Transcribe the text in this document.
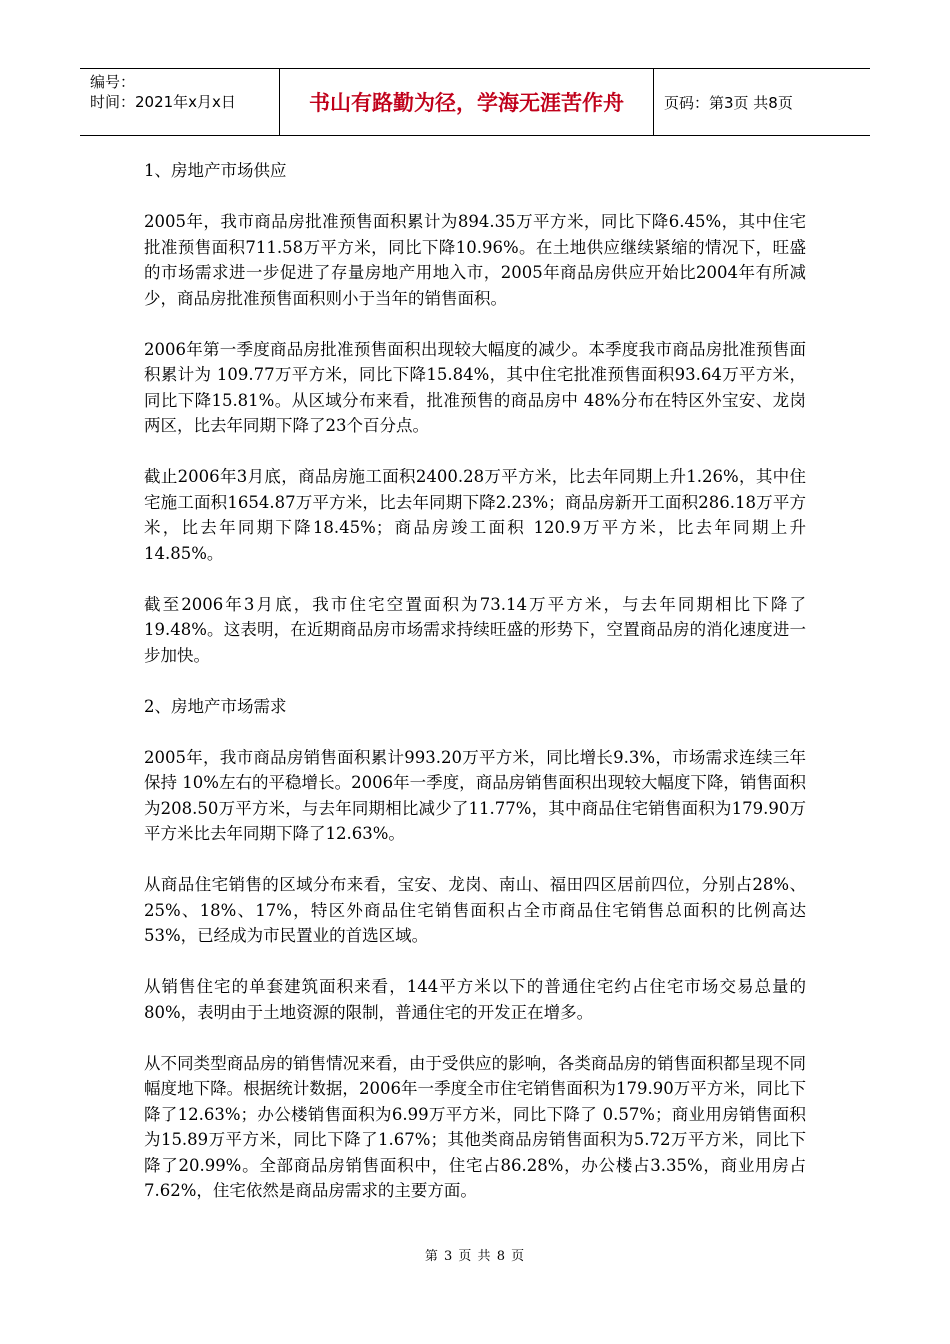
编号：
时间：2021年x月x日	书山有路勤为径，学海无涯苦作舟	页码：第3页 共8页

1、房地产市场供应

2005年，我市商品房批准预售面积累计为894.35万平方米，同比下降6.45%，其中住宅批准预售面积711.58万平方米，同比下降10.96%。在土地供应继续紧缩的情况下，旺盛的市场需求进一步促进了存量房地产用地入市，2005年商品房供应开始比2004年有所减少，商品房批准预售面积则小于当年的销售面积。

2006年第一季度商品房批准预售面积出现较大幅度的减少。本季度我市商品房批准预售面积累计为 109.77万平方米，同比下降15.84%，其中住宅批准预售面积93.64万平方米，同比下降15.81%。从区域分布来看，批准预售的商品房中 48%分布在特区外宝安、龙岗两区，比去年同期下降了23个百分点。

截止2006年3月底，商品房施工面积2400.28万平方米，比去年同期上升1.26%，其中住宅施工面积1654.87万平方米，比去年同期下降2.23%；商品房新开工面积286.18万平方米，比去年同期下降18.45%；商品房竣工面积 120.9万平方米，比去年同期上升14.85%。

截至2006年3月底，我市住宅空置面积为73.14万平方米，与去年同期相比下降了19.48%。这表明，在近期商品房市场需求持续旺盛的形势下，空置商品房的消化速度进一步加快。

2、房地产市场需求

2005年，我市商品房销售面积累计993.20万平方米，同比增长9.3%，市场需求连续三年保持 10%左右的平稳增长。2006年一季度，商品房销售面积出现较大幅度下降，销售面积为208.50万平方米，与去年同期相比减少了11.77%，其中商品住宅销售面积为179.90万平方米比去年同期下降了12.63%。

从商品住宅销售的区域分布来看，宝安、龙岗、南山、福田四区居前四位，分别占28%、25%、18%、17%，特区外商品住宅销售面积占全市商品住宅销售总面积的比例高达53%，已经成为市民置业的首选区域。

从销售住宅的单套建筑面积来看，144平方米以下的普通住宅约占住宅市场交易总量的80%，表明由于土地资源的限制，普通住宅的开发正在增多。

从不同类型商品房的销售情况来看，由于受供应的影响，各类商品房的销售面积都呈现不同幅度地下降。根据统计数据，2006年一季度全市住宅销售面积为179.90万平方米，同比下降了12.63%；办公楼销售面积为6.99万平方米，同比下降了 0.57%；商业用房销售面积为15.89万平方米，同比下降了1.67%；其他类商品房销售面积为5.72万平方米，同比下降了20.99%。全部商品房销售面积中，住宅占86.28%，办公楼占3.35%，商业用房占7.62%，住宅依然是商品房需求的主要方面。

第 3 页 共 8 页
